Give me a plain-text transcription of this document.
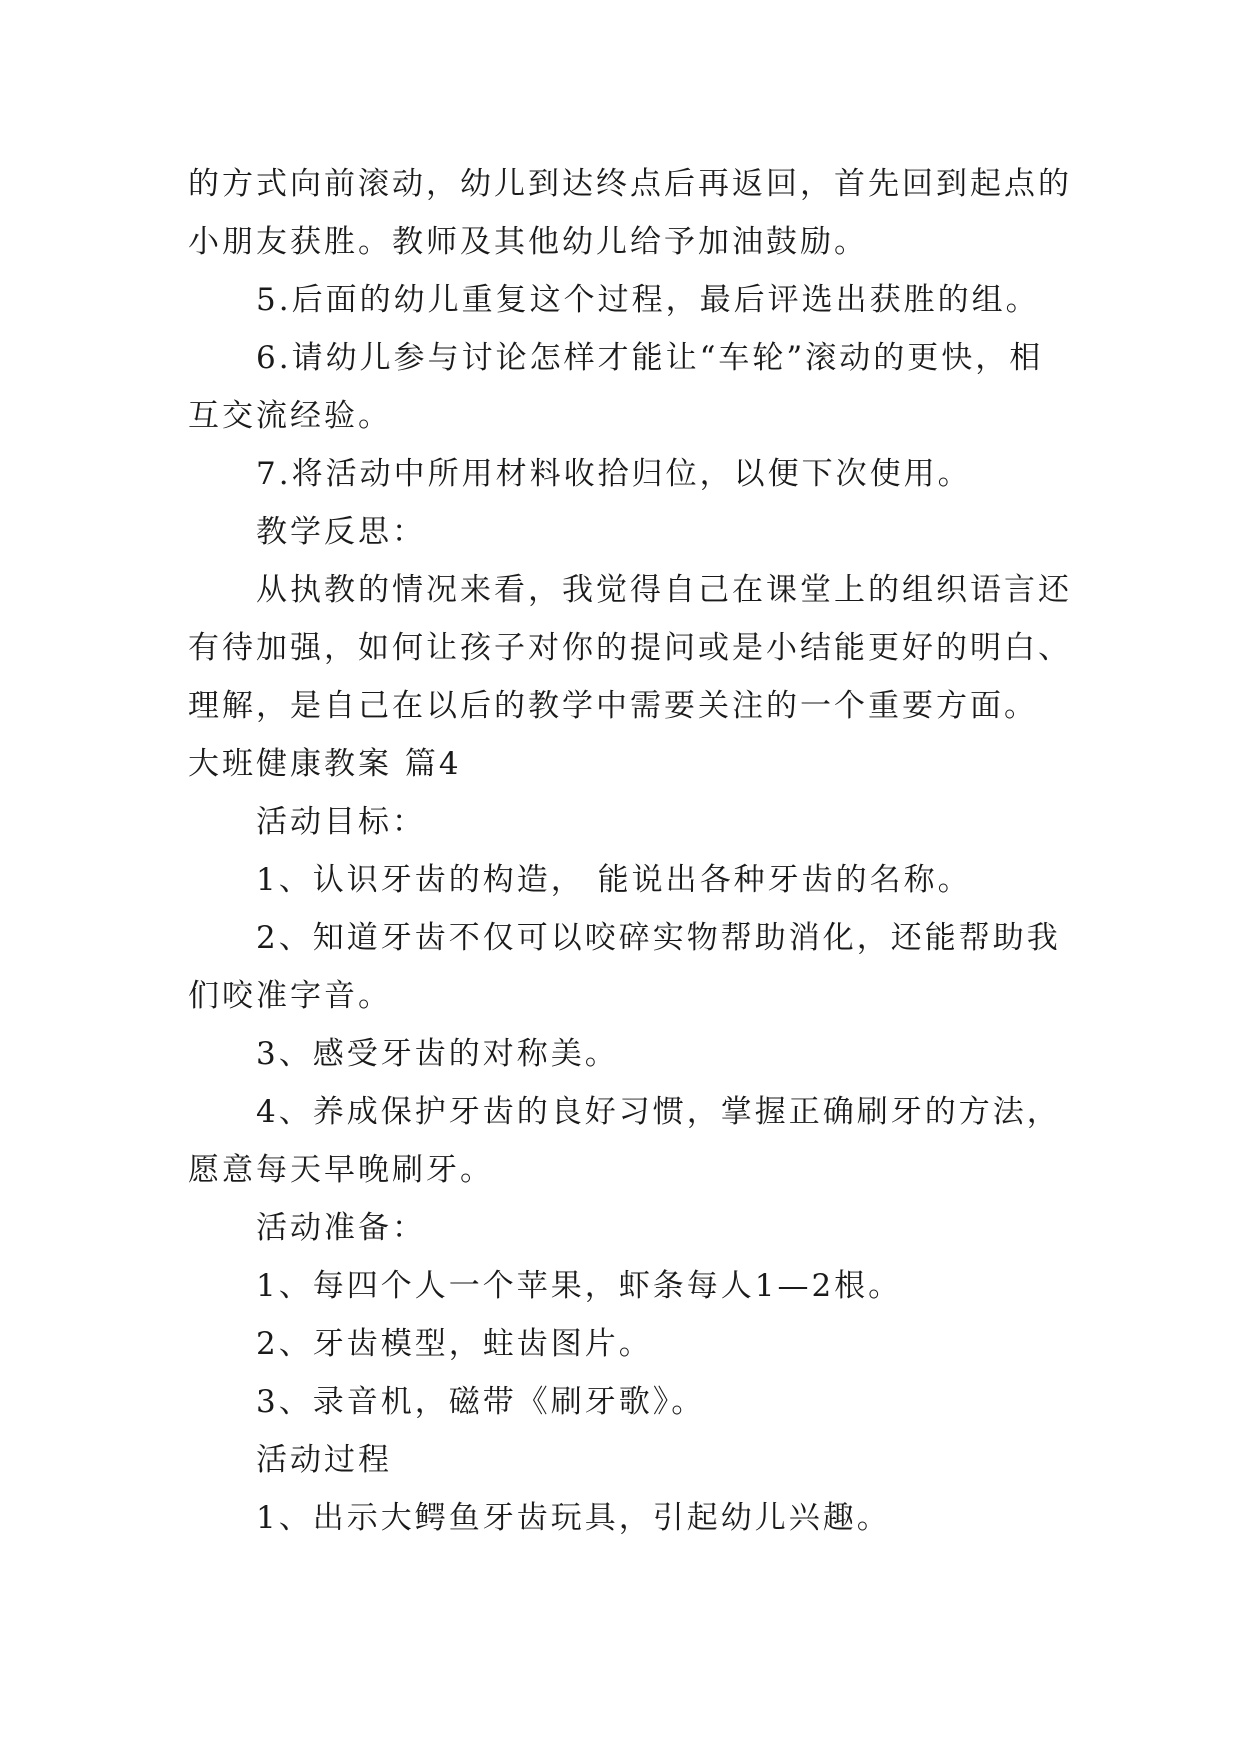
的方式向前滚动，幼儿到达终点后再返回，首先回到起点的
小朋友获胜。教师及其他幼儿给予加油鼓励。
5.后面的幼儿重复这个过程，最后评选出获胜的组。
6.请幼儿参与讨论怎样才能让“车轮”滚动的更快，相
互交流经验。
7.将活动中所用材料收拾归位，以便下次使用。
教学反思：
从执教的情况来看，我觉得自己在课堂上的组织语言还
有待加强，如何让孩子对你的提问或是小结能更好的明白、
理解，是自己在以后的教学中需要关注的一个重要方面。
大班健康教案 篇4
活动目标：
1、认识牙齿的构造， 能说出各种牙齿的名称。
2、知道牙齿不仅可以咬碎实物帮助消化，还能帮助我
们咬准字音。
3、感受牙齿的对称美。
4、养成保护牙齿的良好习惯，掌握正确刷牙的方法，
愿意每天早晚刷牙。
活动准备：
1、每四个人一个苹果，虾条每人1—2根。
2、牙齿模型，蛀齿图片。
3、录音机，磁带《刷牙歌》。
活动过程
1、出示大鳄鱼牙齿玩具，引起幼儿兴趣。
